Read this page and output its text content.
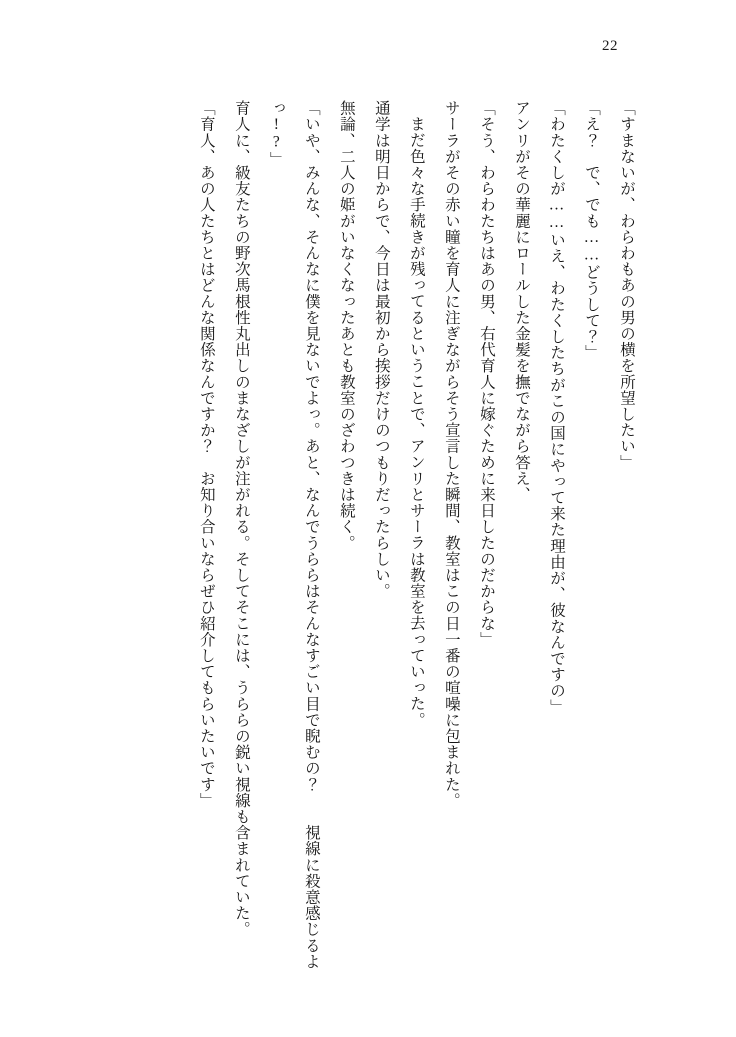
22

「すまないが、わらわもあの男の横を所望したい」

「え？　で、でも……どうして？」

「わたくしが……いえ、わたくしたちがこの国にやって来た理由が、彼なんですの」

アンリがその華麗にロールした金髪を撫でながら答え、

「そう、わらわたちはあの男、右代育人に嫁ぐために来日したのだからな」

サーラがその赤い瞳を育人に注ぎながらそう宣言した瞬間、教室はこの日一番の喧噪に包まれた。

まだ色々な手続きが残ってるということで、アンリとサーラは教室を去っていった。

通学は明日からで、今日は最初から挨拶だけのつもりだったらしい。

無論、二人の姫がいなくなったあとも教室のざわつきは続く。

「いや、みんな、そんなに僕を見ないでよっ。あと、なんでうららはそんなすごい目で睨むの？　　視線に殺意感じるよっ!?」

育人に、級友たちの野次馬根性丸出しのまなざしが注がれる。そしてそこには、うららの鋭い視線も含まれていた。

「育人、あの人たちとはどんな関係なんですか？　お知り合いならぜひ紹介してもらいたいです」
